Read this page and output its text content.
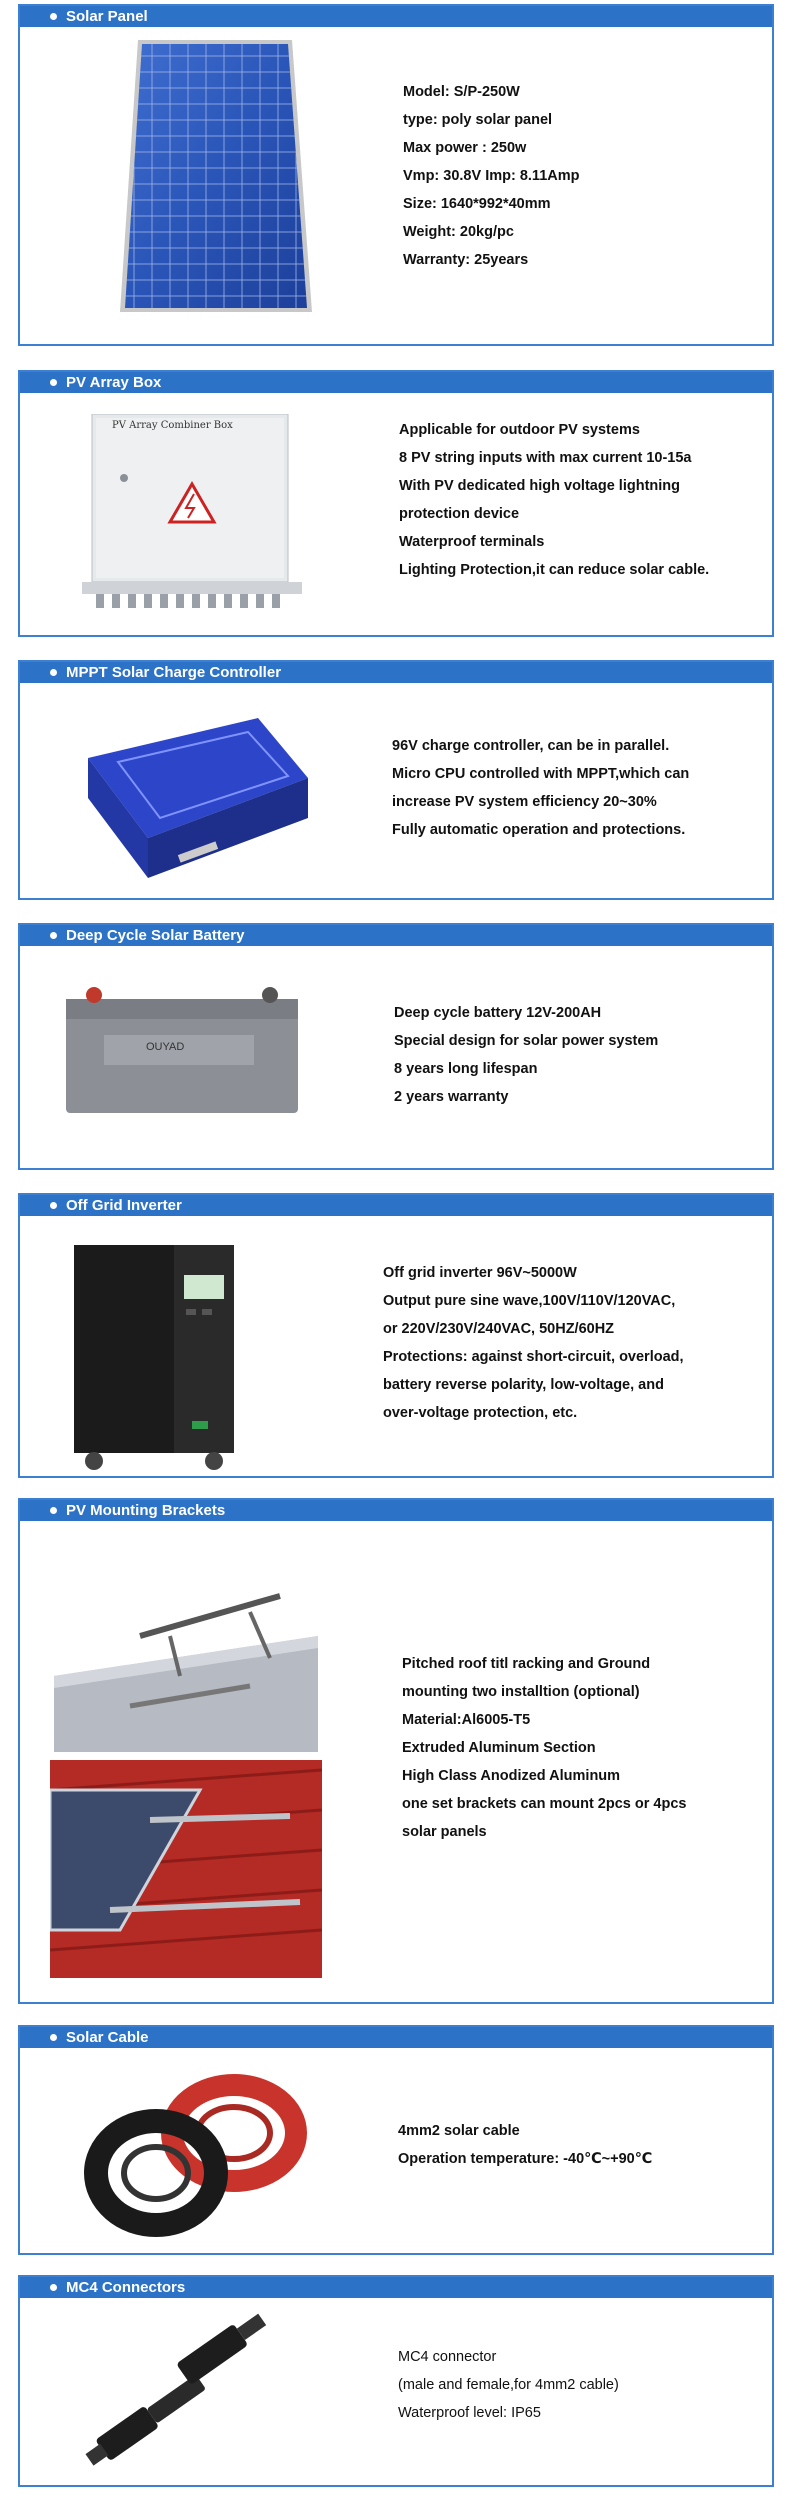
Solar Panel
Model: S/P-250W
type: poly solar panel
Max power : 250w
Vmp: 30.8V Imp: 8.11Amp
Size: 1640*992*40mm
Weight: 20kg/pc
Warranty: 25years
PV Array Box
PV Array Combiner Box	Applicable for outdoor PV systems
8 PV string inputs with max current 10-15a
With PV dedicated high voltage lightning
protection device
Waterproof terminals
Lighting Protection,it can reduce solar cable.
MPPT Solar Charge Controller
96V charge controller, can be in parallel.
Micro CPU controlled with MPPT,which can
increase PV system efficiency 20~30%
Fully automatic operation and protections.
Deep Cycle Solar Battery
OUYAD
Deep cycle battery 12V-200AH
Special design for solar power system
8 years long lifespan
2 years warranty
Off Grid Inverter
Off grid inverter 96V~5000W
Output pure sine wave,100V/110V/120VAC,
or 220V/230V/240VAC, 50HZ/60HZ
Protections: against short-circuit, overload,
battery reverse polarity, low-voltage, and
over-voltage protection, etc.
PV Mounting Brackets
Pitched roof titl racking and Ground
mounting two installtion (optional)
Material:Al6005-T5
Extruded Aluminum Section
High Class Anodized Aluminum
one set brackets can mount 2pcs or 4pcs
solar panels
Solar Cable
4mm2 solar cable
Operation temperature: -40℃~+90℃
MC4 Connectors
MC4 connector
(male and female,for 4mm2 cable)
Waterproof level: IP65
